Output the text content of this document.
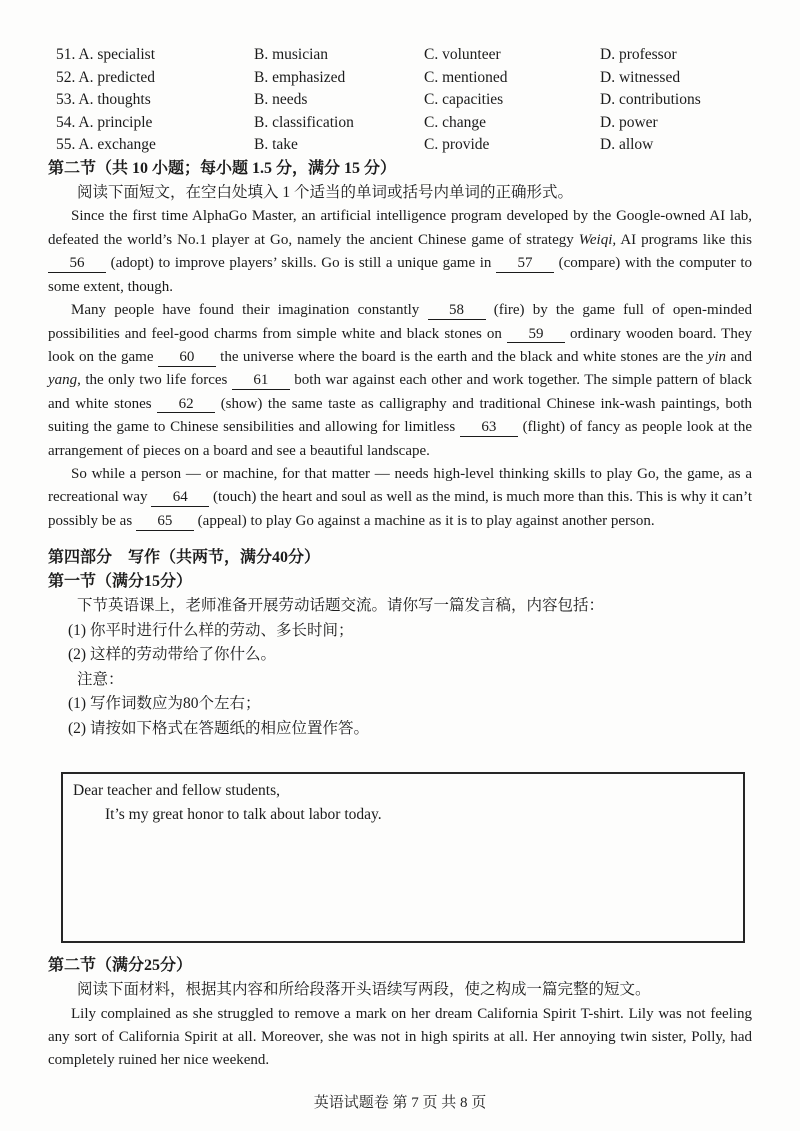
51. A. specialist	B. musician	C. volunteer	D. professor
52. A. predicted	B. emphasized	C. mentioned	D. witnessed
53. A. thoughts	B. needs	C. capacities	D. contributions
54. A. principle	B. classification	C. change	D. power
55. A. exchange	B. take	C. provide	D. allow

第二节（共 10 小题；每小题 1.5 分，满分 15 分）

阅读下面短文，在空白处填入 1 个适当的单词或括号内单词的正确形式。

Since the first time AlphaGo Master, an artificial intelligence program developed by the Google-owned AI lab, defeated the world’s No.1 player at Go, namely the ancient Chinese game of strategy Weiqi, AI programs like this 56 (adopt) to improve players’ skills. Go is still a unique game in 57 (compare) with the computer to some extent, though.

Many people have found their imagination constantly 58 (fire) by the game full of open-minded possibilities and feel-good charms from simple white and black stones on 59 ordinary wooden board. They look on the game 60 the universe where the board is the earth and the black and white stones are the yin and yang, the only two life forces 61 both war against each other and work together. The simple pattern of black and white stones 62 (show) the same taste as calligraphy and traditional Chinese ink-wash paintings, both suiting the game to Chinese sensibilities and allowing for limitless 63 (flight) of fancy as people look at the arrangement of pieces on a board and see a beautiful landscape.

So while a person — or machine, for that matter — needs high-level thinking skills to play Go, the game, as a recreational way 64 (touch) the heart and soul as well as the mind, is much more than this. This is why it can’t possibly be as 65 (appeal) to play Go against a machine as it is to play against another person.

第四部分　写作（共两节，满分40分）

第一节（满分15分）

下节英语课上，老师准备开展劳动话题交流。请你写一篇发言稿，内容包括：

(1) 你平时进行什么样的劳动、多长时间；

(2) 这样的劳动带给了你什么。

注意：

(1) 写作词数应为80个左右；

(2) 请按如下格式在答题纸的相应位置作答。

Dear teacher and fellow students,

It’s my great honor to talk about labor today.

第二节（满分25分）

阅读下面材料，根据其内容和所给段落开头语续写两段，使之构成一篇完整的短文。

Lily complained as she struggled to remove a mark on her dream California Spirit T-shirt. Lily was not feeling any sort of California Spirit at all. Moreover, she was not in high spirits at all. Her annoying twin sister, Polly, had completely ruined her nice weekend.

英语试题卷 第 7 页 共 8 页
